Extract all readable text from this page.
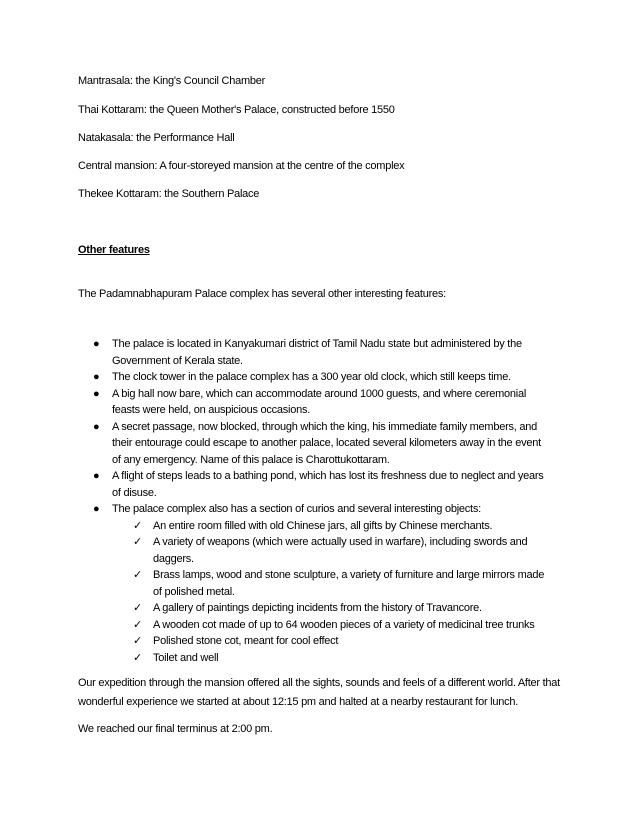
Mantrasala: the King's Council Chamber

Thai Kottaram: the Queen Mother's Palace, constructed before 1550

Natakasala: the Performance Hall

Central mansion: A four-storeyed mansion at the centre of the complex

Thekee Kottaram: the Southern Palace

Other features

The Padamnabhapuram Palace complex has several other interesting features:

● The palace is located in Kanyakumari district of Tamil Nadu state but administered by the Government of Kerala state.
● The clock tower in the palace complex has a 300 year old clock, which still keeps time.
● A big hall now bare, which can accommodate around 1000 guests, and where ceremonial feasts were held, on auspicious occasions.
● A secret passage, now blocked, through which the king, his immediate family members, and their entourage could escape to another palace, located several kilometers away in the event of any emergency. Name of this palace is Charottukottaram.
● A flight of steps leads to a bathing pond, which has lost its freshness due to neglect and years of disuse.
● The palace complex also has a section of curios and several interesting objects:
✓ An entire room filled with old Chinese jars, all gifts by Chinese merchants.
✓ A variety of weapons (which were actually used in warfare), including swords and daggers.
✓ Brass lamps, wood and stone sculpture, a variety of furniture and large mirrors made of polished metal.
✓ A gallery of paintings depicting incidents from the history of Travancore.
✓ A wooden cot made of up to 64 wooden pieces of a variety of medicinal tree trunks
✓ Polished stone cot, meant for cool effect
✓ Toilet and well

Our expedition through the mansion offered all the sights, sounds and feels of a different world. After that wonderful experience we started at about 12:15 pm and halted at a nearby restaurant for lunch.

We reached our final terminus at 2:00 pm.
